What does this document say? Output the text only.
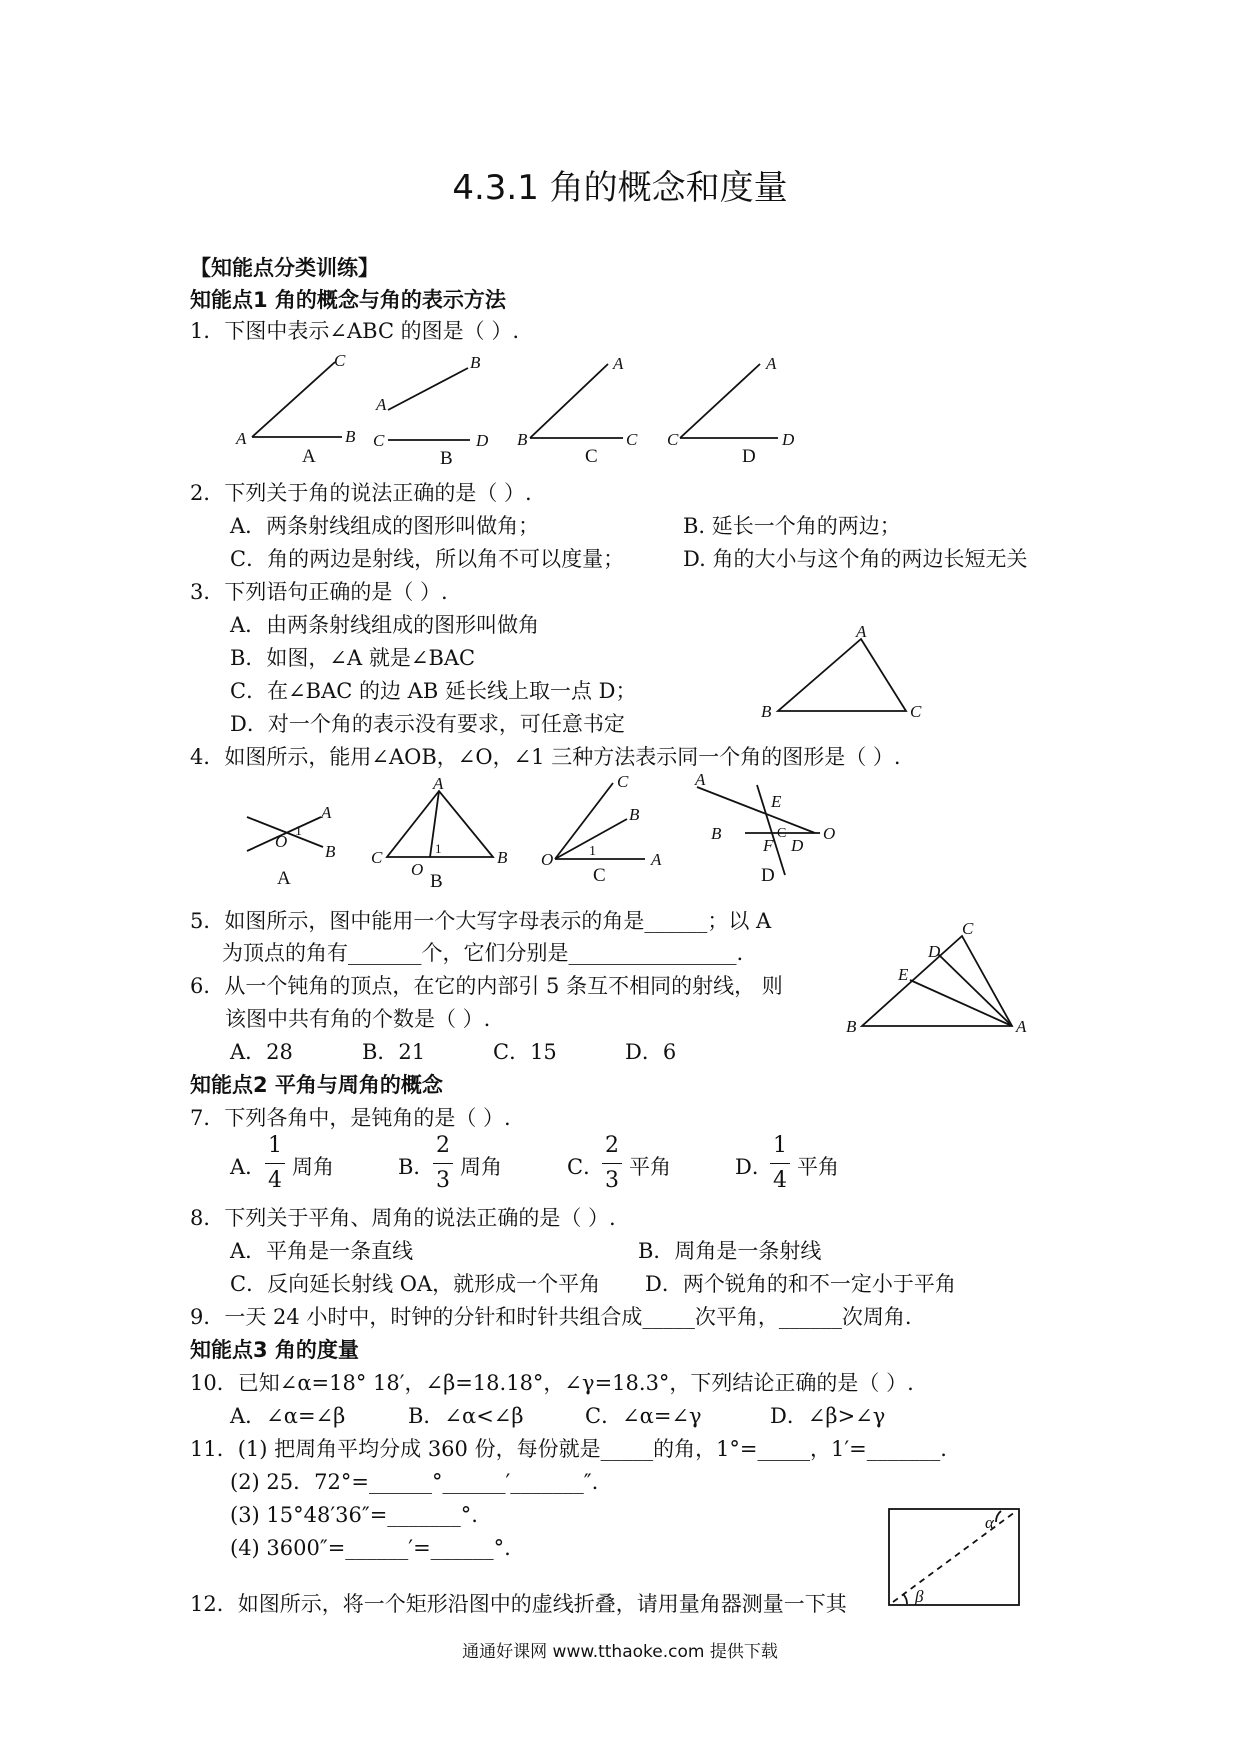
4.3.1 角的概念和度量
【知能点分类训练】
知能点1 角的概念与角的表示方法
1．下图中表示∠ABC 的图是（ ）.
C
A	B
A
B
A
C	D
B
A
B	C
C
A
C	D
D
2．下列关于角的说法正确的是（ ）.
A．两条射线组成的图形叫做角；	B. 延长一个角的两边；
C．角的两边是射线，所以角不可以度量；	D. 角的大小与这个角的两边长短无关
3．下列语句正确的是（ ）.
A．由两条射线组成的图形叫做角
B．如图，∠A 就是∠BAC
C．在∠BAC 的边 AB 延长线上取一点 D；
D．对一个角的表示没有要求，可任意书定
A
B	C
4．如图所示，能用∠AOB，∠O，∠1 三种方法表示同一个角的图形是（ ）.
A
1
O
B
A
A
1
C
O
B
B
C
B
O	1	A
C
A
E
B	C O
F D
D
5．如图所示，图中能用一个大写字母表示的角是______；以 A
为顶点的角有_______个，它们分别是________________.
C
D
E
B	A
6．从一个钝角的顶点，在它的内部引 5 条互不相同的射线， 则
该图中共有角的个数是（ ）.
A．28	B．21	C．15	D．6
知能点2 平角与周角的概念
7．下列各角中，是钝角的是（ ）.
A．
1
4
周角	B．
2
3
周角	C．
2
3
平角	D．
1
4
平角
8．下列关于平角、周角的说法正确的是（ ）.
A．平角是一条直线	B．周角是一条射线
C．反向延长射线 OA，就形成一个平角 D．两个锐角的和不一定小于平角
9．一天 24 小时中，时钟的分针和时针共组合成_____次平角，______次周角.
知能点3 角的度量
10．已知∠α=18° 18′，∠β=18.18°，∠γ=18.3°，下列结论正确的是（ ）.
A．∠α=∠β	B．∠α<∠β	C．∠α=∠γ	D．∠β>∠γ
11．(1) 把周角平均分成 360 份，每份就是_____的角，1°=_____，1′=_______.
(2) 25．72°=______°______′_______″.
(3) 15°48′36″=_______°.
(4) 3600″=______′=______°.
12．如图所示，将一个矩形沿图中的虚线折叠，请用量角器测量一下其
α
β
通通好课网 www.tthaoke.com 提供下载
